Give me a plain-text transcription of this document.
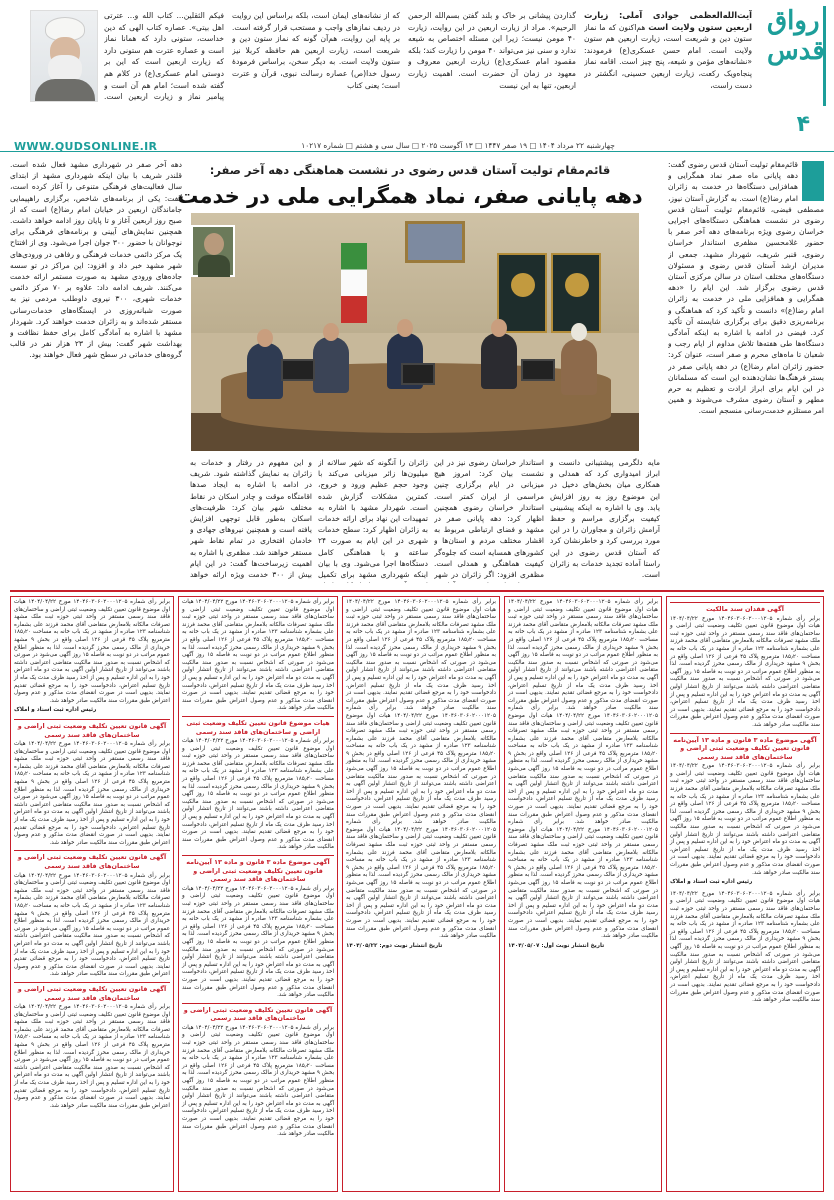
رواق قدس
آیت‌الله‌العظمی جوادی آملی: زیارت اربعین ستون ولایت است هم‌اکنون که ما نماز ستون دین و شریعت است، زیارت اربعین هم ستون ولایت است. امام حسن عسکری(ع) فرمودند: «نشانه‌های مؤمن و شیعه، پنج چیز است. اقامه نماز پنجاه‌ویک رکعت، زیارت اربعین حسینی، انگشتر در دست راست،
گذاردن پیشانی بر خاک و بلند گفتن بسم‌الله الرحمن الرحیم». مراد از زیارت اربعین در این روایت، زیارت ۴۰ مومن نیست؛ زیرا این مسئله اختصاص به شیعه ندارد و سنی نیز می‌تواند ۴۰ مومن را زیارت کند؛ بلکه مقصود امام عسکری(ع) زیارت اربعین معروف و معهود در زمان آن حضرت است. اهمیت زیارت اربعین، تنها به این نیست
که از نشانه‌های ایمان است، بلکه براساس این روایت در ردیف نمازهای واجب و مستحب قرار گرفته است. بر پایه این روایت، هم‌آن گونه که نماز ستون دین و شریعت است، زیارت اربعین هم حافظه کربلا نیز ستون ولایت است. به دیگر سخن، براساس فرمودهٔ رسول خدا(ص) عصاره رسالت نبوی، قرآن و عترت است؛ یعنی کتاب
فیکم الثقلین... کتاب الله و... عترتی اهل بیتی». عصاره کتاب الهی که دین خداست، ستونی دارد که همانا نماز است و عصاره عترت هم ستونی دارد که زیارت اربعین است که این بر دوستی امام عسکری(ع) در کلام هم گفته شده است؛ امام هم آن است و پیامبر نماز و زیارت اربعین است.
۴
WWW.QUDSONLINE.IR	چهارشنبه ۲۲ مرداد ۱۴۰۴ □ ۱۹ صفر ۱۴۴۷ □ ۱۳ آگوست ۲۰۲۵ □ سال سی و هشتم □ شماره ۱۰۲۱۷
قائم‌مقام تولیت آستان قدس رضوی در نشست هماهنگی دهه آخر صفر:
دهه پایانی صفر، نماد همگرایی ملی در خدمت
قائم‌مقام تولیت آستان قدس رضوی گفت: دهه پایانی ماه صفر نماد همگرایی و همافزایی دستگاه‌ها در خدمت به زائران امام رضا(ع) است. به گزارش آستان نیوز، مصطفی فیضی، قائم‌مقام تولیت آستان قدس رضوی در نشست هماهنگی دستگاه‌های اجرایی خراسان رضوی ویژه برنامه‌های دهه آخر صفر با حضور غلامحسین مظفری استاندار خراسان رضوی، قنبر شریف، شهردار مشهد، جمعی از مدیران ارشد آستان قدس رضوی و مسئولان دستگاه‌های مختلف استان در سالن مرکزی آستان قدس رضوی برگزار شد. این ایام را «دهه همگرایی و همافزایی ملی در خدمت به زائران امام رضا(ع)» دانست و تأکید کرد که هماهنگی و برنامه‌ریزی دقیق برای برگزاری شایسته آن تأکید کرد. فیضی در ادامه با اشاره به اینکه آمادگی دستگاه‌ها طی هفته‌ها تلاش مداوم از ایام رجب و شعبان تا ماه‌های محرم و صفر است، عنوان کرد: حضور زائران امام رضا(ع) در دهه پایانی صفر در بستر فرهنگ‌ها نشان‌دهنده این است که مسلمانان در این ایام برای ابراز ارادت و تعظیم به حرم مطهر و آستان رضوی مشرف می‌شوند و همین امر مستلزم خدمت‌رسانی منسجم است.
مایه دلگرمی پیشتیبانی دانست و ابراز امیدواری کرد که همدلی و همکاری میان بخش‌های دخیل در این موضوع روز به روز افزایش یابد. وی با اشاره به اینکه پیشبینی کیفیت برگزاری مراسم و حفظ آرامش زائران و مجاوران را در این مورد بررسی کرد و خاطرنشان کرد که آستان قدس رضوی در این راستا آماده تجدید خدمات به زائران است.
استاندار خراسان رضوی نیز در این نشست بیان کرد: امروز هیچ میزبانی در ایام برگزاری چنین مراسمی از ایران کمتر است. استاندار خراسان رضوی همچنین اظهار کرد: دهه پایانی صفر در مشهد و فضای ارتباطی مربوط به اقشار مختلف مردم و استان‌ها و کشورهای همسایه است که جلوه‌گر کیفیت هماهنگی و همدلی است. مظفری افزود: اگر زائران در شهر
زائران را آنگونه که شهر سالانه از میلیون‌ها زائر میزبانی می‌کند با وجود حجم عظیم ورود و خروج، کمترین مشکلات گزارش شده است. شهردار مشهد با اشاره به تمهیدات این نهاد برای ارائه خدمات به زائران اظهار کرد: سطح خدمات شهری در این ایام به صورت ۲۴ ساعته و با هماهنگی کامل دستگاه‌ها اجرا می‌شود. وی با بیان اینکه شهرداری مشهد برای تکمیل
و این مفهوم در رفتار و خدمات به زائران به نمایش گذاشته شود. شریف در ادامه با اشاره به ایجاد صدها اقامتگاه موقت و چادر اسکان در نقاط مختلف شهر بیان کرد: ظرفیت‌های اسکان به‌طور قابل توجهی افزایش یافته است و همچنین نیروهای جهادی و خادمان افتخاری در تمام نقاط شهر مستقر خواهند شد. مظفری با اشاره به اهمیت زیرساخت‌ها گفت: در این ایام بیش از ۳۰۰ خدمت ویژه ارائه خواهد
دهه آخر صفر در شهرداری مشهد فعال شده است. قلندر شریف با بیان اینکه شهرداری مشهد از ابتدای سال فعالیت‌های فرهنگی متنوعی را آغاز کرده است، گفت: یکی از برنامه‌های شاخص، برگزاری راهپیمایی جاماندگان اربعین در خیابان امام رضا(ع) است که از صبح روز اربعین آغاز و تا پایان روز ادامه خواهد داشت. همچنین نمایش‌های آیینی و برنامه‌های فرهنگی برای نوجوانان با حضور ۳۰۰ جوان اجرا می‌شود. وی از افتتاح یک مرکز دائمی خدمات فرهنگی و رفاهی در ورودی‌های شهر مشهد خبر داد و افزود: این مراکز در تو سسه جاده‌های ورودی مشهد به صورت مستمر ارائه خدمت می‌کنند. شریف ادامه داد: علاوه بر ۷۰ مرکز دائمی خدمات شهری، ۳۰۰ نیروی داوطلب مردمی نیز به صورت شبانه‌روزی در ایستگاه‌های خدمات‌رسانی مستقر شده‌اند و به زائران خدمت خواهند کرد. شهردار مشهد با اشاره به آمادگی کامل برای حفظ نظافت و بهداشت شهر گفت: بیش از ۲۳ هزار نفر در قالب گروه‌های خدماتی در سطح شهر فعال خواهند بود.
آگهی فقدان سند مالکیت
برابر رأی شماره ۱۴۰۴۶۰۳۰۶۰۲۰۰۰۱۲۰۵ مورخ ۱۴۰۴/۰۴/۲۲ هیات اول موضوع قانون تعیین تکلیف وضعیت ثبتی اراضی و ساختمان‌های فاقد سند رسمی مستقر در واحد ثبتی حوزه ثبت ملک مشهد تصرفات مالکانه بلامعارض متقاضی آقای محمد فرزند علی بشماره شناسنامه ۱۲۳ صادره از مشهد در یک باب خانه به مساحت ۱۸۵٫۲۰ مترمربع پلاک ۴۵ فرعی از ۱۲۶ اصلی واقع در بخش ۹ مشهد خریداری از مالک رسمی محرز گردیده است. لذا به منظور اطلاع عموم مراتب در دو نوبت به فاصله ۱۵ روز آگهی می‌شود در صورتی که اشخاص نسبت به صدور سند مالکیت متقاضی اعتراضی داشته باشند می‌توانند از تاریخ انتشار اولین آگهی به مدت دو ماه اعتراض خود را به این اداره تسلیم و پس از اخذ رسید ظرف مدت یک ماه از تاریخ تسلیم اعتراض، دادخواست خود را به مرجع قضائی تقدیم نمایند. بدیهی است در صورت انقضای مدت مذکور و عدم وصول اعتراض طبق مقررات سند مالکیت صادر خواهد شد.
آگهی موضوع ماده ۳ قانون و ماده ۱۳ آیین‌نامه قانون تعیین تکلیف وضعیت ثبتی اراضی و ساختمان‌های فاقد سند رسمی
برابر رأی شماره ۱۴۰۴۶۰۳۰۶۰۲۰۰۰۱۲۰۵ مورخ ۱۴۰۴/۰۴/۲۲ هیات اول موضوع قانون تعیین تکلیف وضعیت ثبتی اراضی و ساختمان‌های فاقد سند رسمی مستقر در واحد ثبتی حوزه ثبت ملک مشهد تصرفات مالکانه بلامعارض متقاضی آقای محمد فرزند علی بشماره شناسنامه ۱۲۳ صادره از مشهد در یک باب خانه به مساحت ۱۸۵٫۲۰ مترمربع پلاک ۴۵ فرعی از ۱۲۶ اصلی واقع در بخش ۹ مشهد خریداری از مالک رسمی محرز گردیده است. لذا به منظور اطلاع عموم مراتب در دو نوبت به فاصله ۱۵ روز آگهی می‌شود در صورتی که اشخاص نسبت به صدور سند مالکیت متقاضی اعتراضی داشته باشند می‌توانند از تاریخ انتشار اولین آگهی به مدت دو ماه اعتراض خود را به این اداره تسلیم و پس از اخذ رسید ظرف مدت یک ماه از تاریخ تسلیم اعتراض، دادخواست خود را به مرجع قضائی تقدیم نمایند. بدیهی است در صورت انقضای مدت مذکور و عدم وصول اعتراض طبق مقررات سند مالکیت صادر خواهد شد.
رئیس اداره ثبت اسناد و املاک
برابر رأی شماره ۱۴۰۴۶۰۳۰۶۰۲۰۰۰۱۲۰۵ مورخ ۱۴۰۴/۰۴/۲۲ هیات اول موضوع قانون تعیین تکلیف وضعیت ثبتی اراضی و ساختمان‌های فاقد سند رسمی مستقر در واحد ثبتی حوزه ثبت ملک مشهد تصرفات مالکانه بلامعارض متقاضی آقای محمد فرزند علی بشماره شناسنامه ۱۲۳ صادره از مشهد در یک باب خانه به مساحت ۱۸۵٫۲۰ مترمربع پلاک ۴۵ فرعی از ۱۲۶ اصلی واقع در بخش ۹ مشهد خریداری از مالک رسمی محرز گردیده است. لذا به منظور اطلاع عموم مراتب در دو نوبت به فاصله ۱۵ روز آگهی می‌شود در صورتی که اشخاص نسبت به صدور سند مالکیت متقاضی اعتراضی داشته باشند می‌توانند از تاریخ انتشار اولین آگهی به مدت دو ماه اعتراض خود را به این اداره تسلیم و پس از اخذ رسید ظرف مدت یک ماه از تاریخ تسلیم اعتراض، دادخواست خود را به مرجع قضائی تقدیم نمایند. بدیهی است در صورت انقضای مدت مذکور و عدم وصول اعتراض طبق مقررات سند مالکیت صادر خواهد شد.
برابر رأی شماره ۱۴۰۴۶۰۳۰۶۰۲۰۰۰۱۲۰۵ مورخ ۱۴۰۴/۰۴/۲۲ هیات اول موضوع قانون تعیین تکلیف وضعیت ثبتی اراضی و ساختمان‌های فاقد سند رسمی مستقر در واحد ثبتی حوزه ثبت ملک مشهد تصرفات مالکانه بلامعارض متقاضی آقای محمد فرزند علی بشماره شناسنامه ۱۲۳ صادره از مشهد در یک باب خانه به مساحت ۱۸۵٫۲۰ مترمربع پلاک ۴۵ فرعی از ۱۲۶ اصلی واقع در بخش ۹ مشهد خریداری از مالک رسمی محرز گردیده است. لذا به منظور اطلاع عموم مراتب در دو نوبت به فاصله ۱۵ روز آگهی می‌شود در صورتی که اشخاص نسبت به صدور سند مالکیت متقاضی اعتراضی داشته باشند می‌توانند از تاریخ انتشار اولین آگهی به مدت دو ماه اعتراض خود را به این اداره تسلیم و پس از اخذ رسید ظرف مدت یک ماه از تاریخ تسلیم اعتراض، دادخواست خود را به مرجع قضائی تقدیم نمایند. بدیهی است در صورت انقضای مدت مذکور و عدم وصول اعتراض طبق مقررات سند مالکیت صادر خواهد شد. برابر رأی شماره ۱۴۰۴۶۰۳۰۶۰۲۰۰۰۱۲۰۵ مورخ ۱۴۰۴/۰۴/۲۲ هیات اول موضوع قانون تعیین تکلیف وضعیت ثبتی اراضی و ساختمان‌های فاقد سند رسمی مستقر در واحد ثبتی حوزه ثبت ملک مشهد تصرفات مالکانه بلامعارض متقاضی آقای محمد فرزند علی بشماره شناسنامه ۱۲۳ صادره از مشهد در یک باب خانه به مساحت ۱۸۵٫۲۰ مترمربع پلاک ۴۵ فرعی از ۱۲۶ اصلی واقع در بخش ۹ مشهد خریداری از مالک رسمی محرز گردیده است. لذا به منظور اطلاع عموم مراتب در دو نوبت به فاصله ۱۵ روز آگهی می‌شود در صورتی که اشخاص نسبت به صدور سند مالکیت متقاضی اعتراضی داشته باشند می‌توانند از تاریخ انتشار اولین آگهی به مدت دو ماه اعتراض خود را به این اداره تسلیم و پس از اخذ رسید ظرف مدت یک ماه از تاریخ تسلیم اعتراض، دادخواست خود را به مرجع قضائی تقدیم نمایند. بدیهی است در صورت انقضای مدت مذکور و عدم وصول اعتراض طبق مقررات سند مالکیت صادر خواهد شد. برابر رأی شماره ۱۴۰۴۶۰۳۰۶۰۲۰۰۰۱۲۰۵ مورخ ۱۴۰۴/۰۴/۲۲ هیات اول موضوع قانون تعیین تکلیف وضعیت ثبتی اراضی و ساختمان‌های فاقد سند رسمی مستقر در واحد ثبتی حوزه ثبت ملک مشهد تصرفات مالکانه بلامعارض متقاضی آقای محمد فرزند علی بشماره شناسنامه ۱۲۳ صادره از مشهد در یک باب خانه به مساحت ۱۸۵٫۲۰ مترمربع پلاک ۴۵ فرعی از ۱۲۶ اصلی واقع در بخش ۹ مشهد خریداری از مالک رسمی محرز گردیده است. لذا به منظور اطلاع عموم مراتب در دو نوبت به فاصله ۱۵ روز آگهی می‌شود در صورتی که اشخاص نسبت به صدور سند مالکیت متقاضی اعتراضی داشته باشند می‌توانند از تاریخ انتشار اولین آگهی به مدت دو ماه اعتراض خود را به این اداره تسلیم و پس از اخذ رسید ظرف مدت یک ماه از تاریخ تسلیم اعتراض، دادخواست خود را به مرجع قضائی تقدیم نمایند. بدیهی است در صورت انقضای مدت مذکور و عدم وصول اعتراض طبق مقررات سند مالکیت صادر خواهد شد.
تاریخ انتشار نوبت اول: ۱۴۰۴/۰۵/۰۷
برابر رأی شماره ۱۴۰۴۶۰۳۰۶۰۲۰۰۰۱۲۰۵ مورخ ۱۴۰۴/۰۴/۲۲ هیات اول موضوع قانون تعیین تکلیف وضعیت ثبتی اراضی و ساختمان‌های فاقد سند رسمی مستقر در واحد ثبتی حوزه ثبت ملک مشهد تصرفات مالکانه بلامعارض متقاضی آقای محمد فرزند علی بشماره شناسنامه ۱۲۳ صادره از مشهد در یک باب خانه به مساحت ۱۸۵٫۲۰ مترمربع پلاک ۴۵ فرعی از ۱۲۶ اصلی واقع در بخش ۹ مشهد خریداری از مالک رسمی محرز گردیده است. لذا به منظور اطلاع عموم مراتب در دو نوبت به فاصله ۱۵ روز آگهی می‌شود در صورتی که اشخاص نسبت به صدور سند مالکیت متقاضی اعتراضی داشته باشند می‌توانند از تاریخ انتشار اولین آگهی به مدت دو ماه اعتراض خود را به این اداره تسلیم و پس از اخذ رسید ظرف مدت یک ماه از تاریخ تسلیم اعتراض، دادخواست خود را به مرجع قضائی تقدیم نمایند. بدیهی است در صورت انقضای مدت مذکور و عدم وصول اعتراض طبق مقررات سند مالکیت صادر خواهد شد. برابر رأی شماره ۱۴۰۴۶۰۳۰۶۰۲۰۰۰۱۲۰۵ مورخ ۱۴۰۴/۰۴/۲۲ هیات اول موضوع قانون تعیین تکلیف وضعیت ثبتی اراضی و ساختمان‌های فاقد سند رسمی مستقر در واحد ثبتی حوزه ثبت ملک مشهد تصرفات مالکانه بلامعارض متقاضی آقای محمد فرزند علی بشماره شناسنامه ۱۲۳ صادره از مشهد در یک باب خانه به مساحت ۱۸۵٫۲۰ مترمربع پلاک ۴۵ فرعی از ۱۲۶ اصلی واقع در بخش ۹ مشهد خریداری از مالک رسمی محرز گردیده است. لذا به منظور اطلاع عموم مراتب در دو نوبت به فاصله ۱۵ روز آگهی می‌شود در صورتی که اشخاص نسبت به صدور سند مالکیت متقاضی اعتراضی داشته باشند می‌توانند از تاریخ انتشار اولین آگهی به مدت دو ماه اعتراض خود را به این اداره تسلیم و پس از اخذ رسید ظرف مدت یک ماه از تاریخ تسلیم اعتراض، دادخواست خود را به مرجع قضائی تقدیم نمایند. بدیهی است در صورت انقضای مدت مذکور و عدم وصول اعتراض طبق مقررات سند مالکیت صادر خواهد شد. برابر رأی شماره ۱۴۰۴۶۰۳۰۶۰۲۰۰۰۱۲۰۵ مورخ ۱۴۰۴/۰۴/۲۲ هیات اول موضوع قانون تعیین تکلیف وضعیت ثبتی اراضی و ساختمان‌های فاقد سند رسمی مستقر در واحد ثبتی حوزه ثبت ملک مشهد تصرفات مالکانه بلامعارض متقاضی آقای محمد فرزند علی بشماره شناسنامه ۱۲۳ صادره از مشهد در یک باب خانه به مساحت ۱۸۵٫۲۰ مترمربع پلاک ۴۵ فرعی از ۱۲۶ اصلی واقع در بخش ۹ مشهد خریداری از مالک رسمی محرز گردیده است. لذا به منظور اطلاع عموم مراتب در دو نوبت به فاصله ۱۵ روز آگهی می‌شود در صورتی که اشخاص نسبت به صدور سند مالکیت متقاضی اعتراضی داشته باشند می‌توانند از تاریخ انتشار اولین آگهی به مدت دو ماه اعتراض خود را به این اداره تسلیم و پس از اخذ رسید ظرف مدت یک ماه از تاریخ تسلیم اعتراض، دادخواست خود را به مرجع قضائی تقدیم نمایند. بدیهی است در صورت انقضای مدت مذکور و عدم وصول اعتراض طبق مقررات سند مالکیت صادر خواهد شد.
تاریخ انتشار نوبت دوم: ۱۴۰۴/۰۵/۲۲
برابر رأی شماره ۱۴۰۴۶۰۳۰۶۰۲۰۰۰۱۲۰۵ مورخ ۱۴۰۴/۰۴/۲۲ هیات اول موضوع قانون تعیین تکلیف وضعیت ثبتی اراضی و ساختمان‌های فاقد سند رسمی مستقر در واحد ثبتی حوزه ثبت ملک مشهد تصرفات مالکانه بلامعارض متقاضی آقای محمد فرزند علی بشماره شناسنامه ۱۲۳ صادره از مشهد در یک باب خانه به مساحت ۱۸۵٫۲۰ مترمربع پلاک ۴۵ فرعی از ۱۲۶ اصلی واقع در بخش ۹ مشهد خریداری از مالک رسمی محرز گردیده است. لذا به منظور اطلاع عموم مراتب در دو نوبت به فاصله ۱۵ روز آگهی می‌شود در صورتی که اشخاص نسبت به صدور سند مالکیت متقاضی اعتراضی داشته باشند می‌توانند از تاریخ انتشار اولین آگهی به مدت دو ماه اعتراض خود را به این اداره تسلیم و پس از اخذ رسید ظرف مدت یک ماه از تاریخ تسلیم اعتراض، دادخواست خود را به مرجع قضائی تقدیم نمایند. بدیهی است در صورت انقضای مدت مذکور و عدم وصول اعتراض طبق مقررات سند مالکیت صادر خواهد شد.
هیات موضوع قانون تعیین تکلیف وضعیت ثبتی اراضی و ساختمان‌های فاقد سند رسمی
برابر رأی شماره ۱۴۰۴۶۰۳۰۶۰۲۰۰۰۱۲۰۵ مورخ ۱۴۰۴/۰۴/۲۲ هیات اول موضوع قانون تعیین تکلیف وضعیت ثبتی اراضی و ساختمان‌های فاقد سند رسمی مستقر در واحد ثبتی حوزه ثبت ملک مشهد تصرفات مالکانه بلامعارض متقاضی آقای محمد فرزند علی بشماره شناسنامه ۱۲۳ صادره از مشهد در یک باب خانه به مساحت ۱۸۵٫۲۰ مترمربع پلاک ۴۵ فرعی از ۱۲۶ اصلی واقع در بخش ۹ مشهد خریداری از مالک رسمی محرز گردیده است. لذا به منظور اطلاع عموم مراتب در دو نوبت به فاصله ۱۵ روز آگهی می‌شود در صورتی که اشخاص نسبت به صدور سند مالکیت متقاضی اعتراضی داشته باشند می‌توانند از تاریخ انتشار اولین آگهی به مدت دو ماه اعتراض خود را به این اداره تسلیم و پس از اخذ رسید ظرف مدت یک ماه از تاریخ تسلیم اعتراض، دادخواست خود را به مرجع قضائی تقدیم نمایند. بدیهی است در صورت انقضای مدت مذکور و عدم وصول اعتراض طبق مقررات سند مالکیت صادر خواهد شد.
آگهی موضوع ماده ۳ قانون و ماده ۱۳ آیین‌نامه قانون تعیین تکلیف وضعیت ثبتی اراضی و ساختمان‌های فاقد سند رسمی
برابر رأی شماره ۱۴۰۴۶۰۳۰۶۰۲۰۰۰۱۲۰۵ مورخ ۱۴۰۴/۰۴/۲۲ هیات اول موضوع قانون تعیین تکلیف وضعیت ثبتی اراضی و ساختمان‌های فاقد سند رسمی مستقر در واحد ثبتی حوزه ثبت ملک مشهد تصرفات مالکانه بلامعارض متقاضی آقای محمد فرزند علی بشماره شناسنامه ۱۲۳ صادره از مشهد در یک باب خانه به مساحت ۱۸۵٫۲۰ مترمربع پلاک ۴۵ فرعی از ۱۲۶ اصلی واقع در بخش ۹ مشهد خریداری از مالک رسمی محرز گردیده است. لذا به منظور اطلاع عموم مراتب در دو نوبت به فاصله ۱۵ روز آگهی می‌شود در صورتی که اشخاص نسبت به صدور سند مالکیت متقاضی اعتراضی داشته باشند می‌توانند از تاریخ انتشار اولین آگهی به مدت دو ماه اعتراض خود را به این اداره تسلیم و پس از اخذ رسید ظرف مدت یک ماه از تاریخ تسلیم اعتراض، دادخواست خود را به مرجع قضائی تقدیم نمایند. بدیهی است در صورت انقضای مدت مذکور و عدم وصول اعتراض طبق مقررات سند مالکیت صادر خواهد شد.
آگهی قانون تعیین تکلیف وضعیت ثبتی اراضی و ساختمان‌های فاقد سند رسمی
برابر رأی شماره ۱۴۰۴۶۰۳۰۶۰۲۰۰۰۱۲۰۵ مورخ ۱۴۰۴/۰۴/۲۲ هیات اول موضوع قانون تعیین تکلیف وضعیت ثبتی اراضی و ساختمان‌های فاقد سند رسمی مستقر در واحد ثبتی حوزه ثبت ملک مشهد تصرفات مالکانه بلامعارض متقاضی آقای محمد فرزند علی بشماره شناسنامه ۱۲۳ صادره از مشهد در یک باب خانه به مساحت ۱۸۵٫۲۰ مترمربع پلاک ۴۵ فرعی از ۱۲۶ اصلی واقع در بخش ۹ مشهد خریداری از مالک رسمی محرز گردیده است. لذا به منظور اطلاع عموم مراتب در دو نوبت به فاصله ۱۵ روز آگهی می‌شود در صورتی که اشخاص نسبت به صدور سند مالکیت متقاضی اعتراضی داشته باشند می‌توانند از تاریخ انتشار اولین آگهی به مدت دو ماه اعتراض خود را به این اداره تسلیم و پس از اخذ رسید ظرف مدت یک ماه از تاریخ تسلیم اعتراض، دادخواست خود را به مرجع قضائی تقدیم نمایند. بدیهی است در صورت انقضای مدت مذکور و عدم وصول اعتراض طبق مقررات سند مالکیت صادر خواهد شد.
برابر رأی شماره ۱۴۰۴۶۰۳۰۶۰۲۰۰۰۱۲۰۵ مورخ ۱۴۰۴/۰۴/۲۲ هیات اول موضوع قانون تعیین تکلیف وضعیت ثبتی اراضی و ساختمان‌های فاقد سند رسمی مستقر در واحد ثبتی حوزه ثبت ملک مشهد تصرفات مالکانه بلامعارض متقاضی آقای محمد فرزند علی بشماره شناسنامه ۱۲۳ صادره از مشهد در یک باب خانه به مساحت ۱۸۵٫۲۰ مترمربع پلاک ۴۵ فرعی از ۱۲۶ اصلی واقع در بخش ۹ مشهد خریداری از مالک رسمی محرز گردیده است. لذا به منظور اطلاع عموم مراتب در دو نوبت به فاصله ۱۵ روز آگهی می‌شود در صورتی که اشخاص نسبت به صدور سند مالکیت متقاضی اعتراضی داشته باشند می‌توانند از تاریخ انتشار اولین آگهی به مدت دو ماه اعتراض خود را به این اداره تسلیم و پس از اخذ رسید ظرف مدت یک ماه از تاریخ تسلیم اعتراض، دادخواست خود را به مرجع قضائی تقدیم نمایند. بدیهی است در صورت انقضای مدت مذکور و عدم وصول اعتراض طبق مقررات سند مالکیت صادر خواهد شد.
رئیس اداره ثبت اسناد و املاک
آگهی قانون تعیین تکلیف وضعیت ثبتی اراضی و ساختمان‌های فاقد سند رسمی
برابر رأی شماره ۱۴۰۴۶۰۳۰۶۰۲۰۰۰۱۲۰۵ مورخ ۱۴۰۴/۰۴/۲۲ هیات اول موضوع قانون تعیین تکلیف وضعیت ثبتی اراضی و ساختمان‌های فاقد سند رسمی مستقر در واحد ثبتی حوزه ثبت ملک مشهد تصرفات مالکانه بلامعارض متقاضی آقای محمد فرزند علی بشماره شناسنامه ۱۲۳ صادره از مشهد در یک باب خانه به مساحت ۱۸۵٫۲۰ مترمربع پلاک ۴۵ فرعی از ۱۲۶ اصلی واقع در بخش ۹ مشهد خریداری از مالک رسمی محرز گردیده است. لذا به منظور اطلاع عموم مراتب در دو نوبت به فاصله ۱۵ روز آگهی می‌شود در صورتی که اشخاص نسبت به صدور سند مالکیت متقاضی اعتراضی داشته باشند می‌توانند از تاریخ انتشار اولین آگهی به مدت دو ماه اعتراض خود را به این اداره تسلیم و پس از اخذ رسید ظرف مدت یک ماه از تاریخ تسلیم اعتراض، دادخواست خود را به مرجع قضائی تقدیم نمایند. بدیهی است در صورت انقضای مدت مذکور و عدم وصول اعتراض طبق مقررات سند مالکیت صادر خواهد شد.
آگهی قانون تعیین تکلیف وضعیت ثبتی اراضی و ساختمان‌های فاقد سند رسمی
برابر رأی شماره ۱۴۰۴۶۰۳۰۶۰۲۰۰۰۱۲۰۵ مورخ ۱۴۰۴/۰۴/۲۲ هیات اول موضوع قانون تعیین تکلیف وضعیت ثبتی اراضی و ساختمان‌های فاقد سند رسمی مستقر در واحد ثبتی حوزه ثبت ملک مشهد تصرفات مالکانه بلامعارض متقاضی آقای محمد فرزند علی بشماره شناسنامه ۱۲۳ صادره از مشهد در یک باب خانه به مساحت ۱۸۵٫۲۰ مترمربع پلاک ۴۵ فرعی از ۱۲۶ اصلی واقع در بخش ۹ مشهد خریداری از مالک رسمی محرز گردیده است. لذا به منظور اطلاع عموم مراتب در دو نوبت به فاصله ۱۵ روز آگهی می‌شود در صورتی که اشخاص نسبت به صدور سند مالکیت متقاضی اعتراضی داشته باشند می‌توانند از تاریخ انتشار اولین آگهی به مدت دو ماه اعتراض خود را به این اداره تسلیم و پس از اخذ رسید ظرف مدت یک ماه از تاریخ تسلیم اعتراض، دادخواست خود را به مرجع قضائی تقدیم نمایند. بدیهی است در صورت انقضای مدت مذکور و عدم وصول اعتراض طبق مقررات سند مالکیت صادر خواهد شد.
آگهی قانون تعیین تکلیف وضعیت ثبتی اراضی و ساختمان‌های فاقد سند رسمی
برابر رأی شماره ۱۴۰۴۶۰۳۰۶۰۲۰۰۰۱۲۰۵ مورخ ۱۴۰۴/۰۴/۲۲ هیات اول موضوع قانون تعیین تکلیف وضعیت ثبتی اراضی و ساختمان‌های فاقد سند رسمی مستقر در واحد ثبتی حوزه ثبت ملک مشهد تصرفات مالکانه بلامعارض متقاضی آقای محمد فرزند علی بشماره شناسنامه ۱۲۳ صادره از مشهد در یک باب خانه به مساحت ۱۸۵٫۲۰ مترمربع پلاک ۴۵ فرعی از ۱۲۶ اصلی واقع در بخش ۹ مشهد خریداری از مالک رسمی محرز گردیده است. لذا به منظور اطلاع عموم مراتب در دو نوبت به فاصله ۱۵ روز آگهی می‌شود در صورتی که اشخاص نسبت به صدور سند مالکیت متقاضی اعتراضی داشته باشند می‌توانند از تاریخ انتشار اولین آگهی به مدت دو ماه اعتراض خود را به این اداره تسلیم و پس از اخذ رسید ظرف مدت یک ماه از تاریخ تسلیم اعتراض، دادخواست خود را به مرجع قضائی تقدیم نمایند. بدیهی است در صورت انقضای مدت مذکور و عدم وصول اعتراض طبق مقررات سند مالکیت صادر خواهد شد.
